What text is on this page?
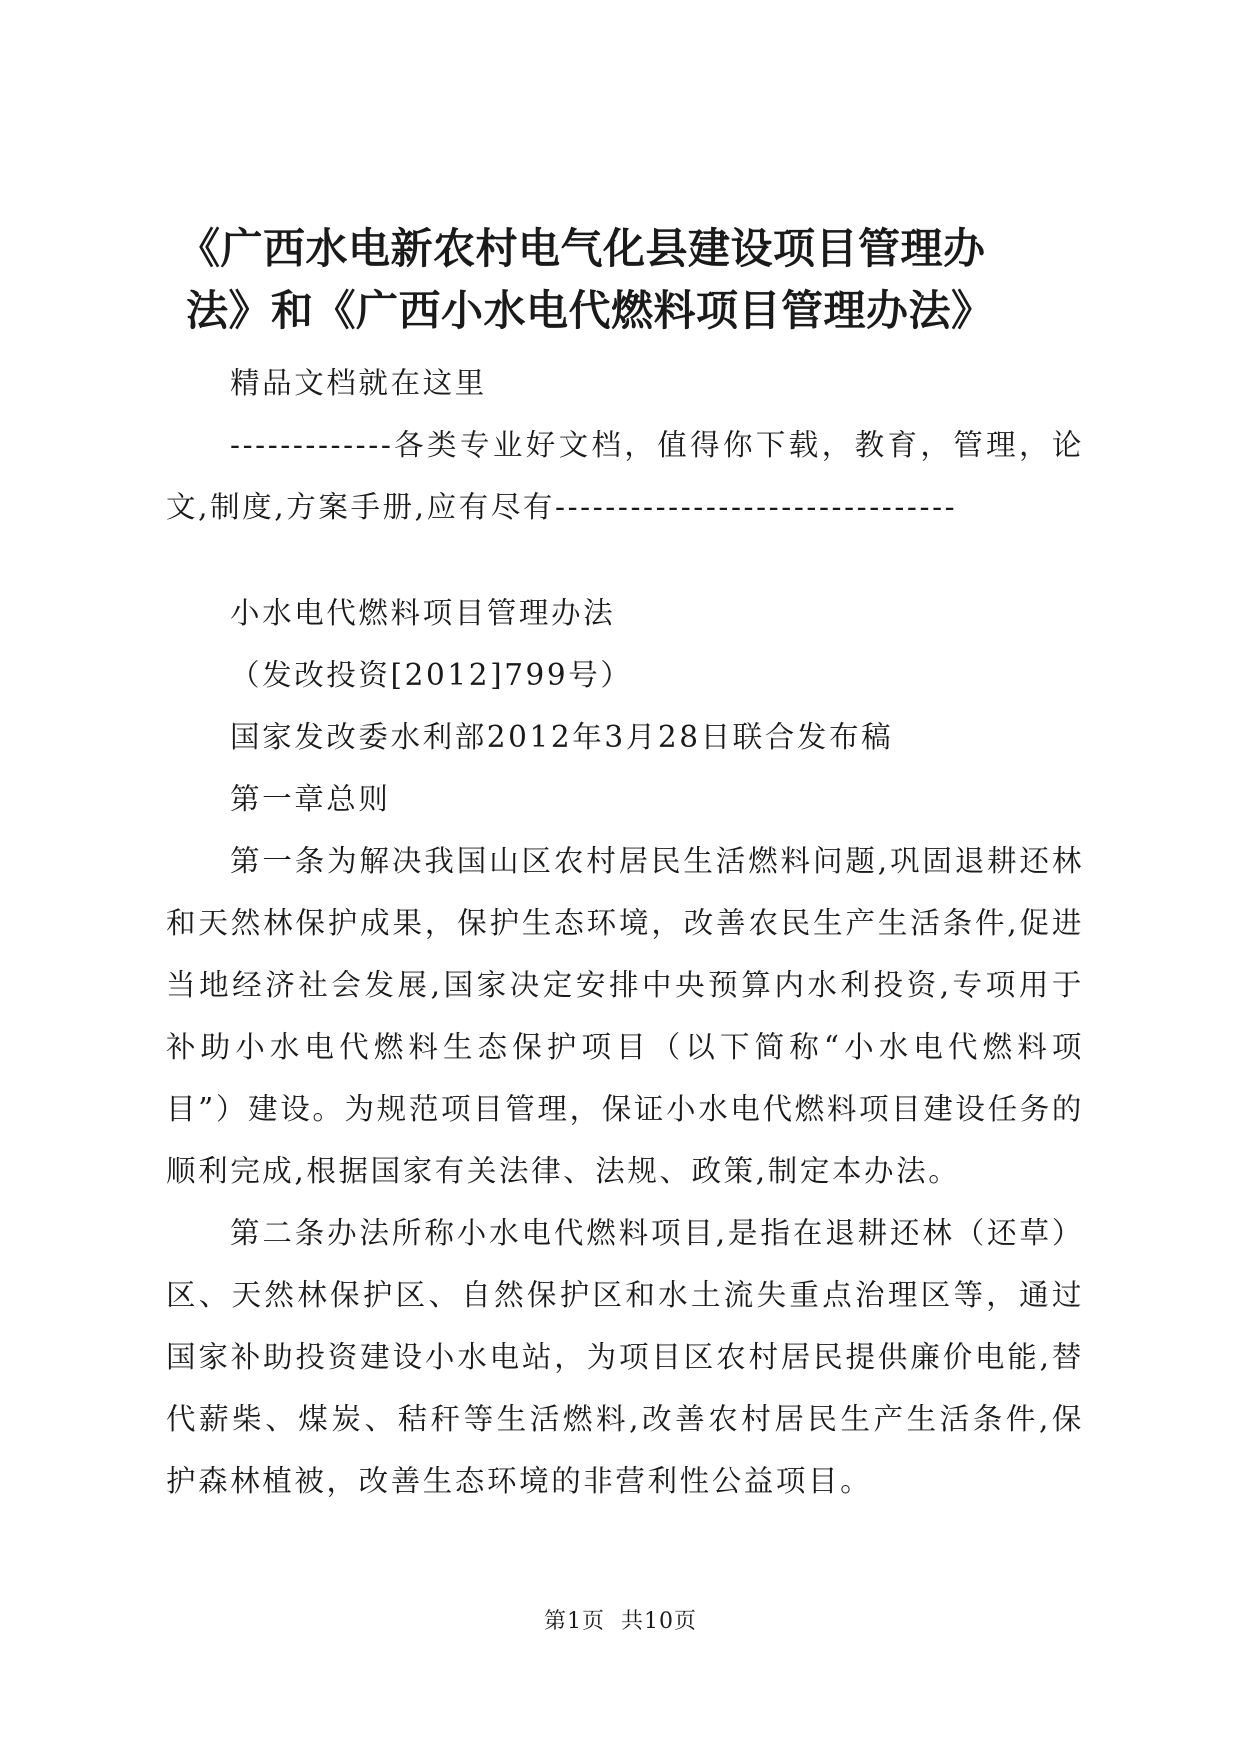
《广西水电新农村电气化县建设项目管理办
法》和《广西小水电代燃料项目管理办法》

精品文档就在这里

-------------各类专业好文档，值得你下载，教育，管理，论文,制度,方案手册,应有尽有--------------------------------

小水电代燃料项目管理办法

（发改投资[2012]799号）

国家发改委水利部2012年3月28日联合发布稿

第一章总则

第一条为解决我国山区农村居民生活燃料问题,巩固退耕还林和天然林保护成果，保护生态环境，改善农民生产生活条件,促进当地经济社会发展,国家决定安排中央预算内水利投资,专项用于补助小水电代燃料生态保护项目（以下简称“小水电代燃料项目”）建设。为规范项目管理，保证小水电代燃料项目建设任务的顺利完成,根据国家有关法律、法规、政策,制定本办法。

第二条办法所称小水电代燃料项目,是指在退耕还林（还草）区、天然林保护区、自然保护区和水土流失重点治理区等，通过国家补助投资建设小水电站，为项目区农村居民提供廉价电能,替代薪柴、煤炭、秸秆等生活燃料,改善农村居民生产生活条件,保护森林植被，改善生态环境的非营利性公益项目。

第1页 共10页
